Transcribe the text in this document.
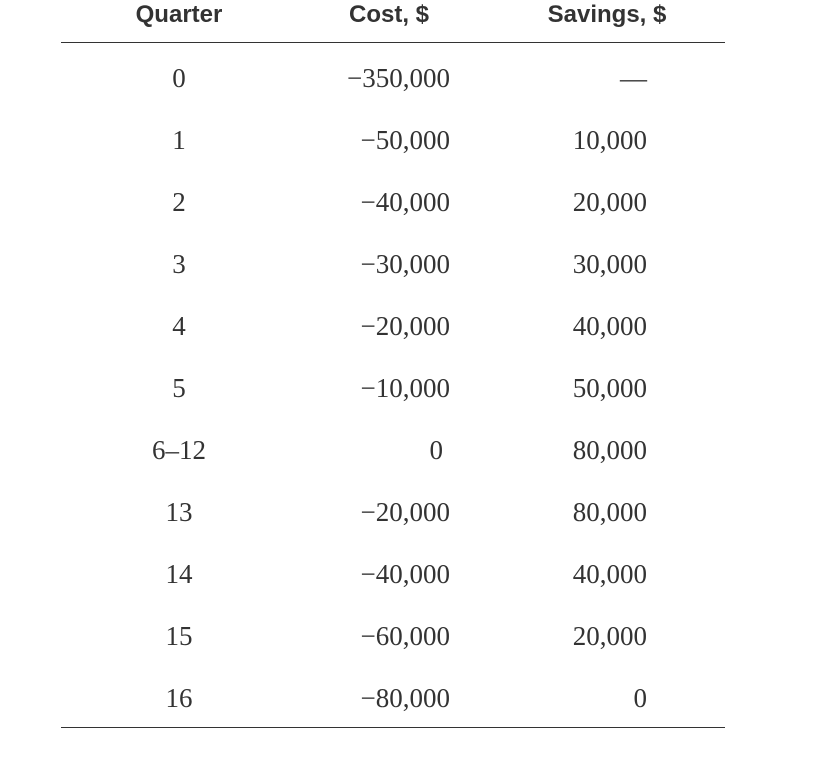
Quarter	Cost, $	Savings, $
0	−350,000	—
1	−50,000	10,000
2	−40,000	20,000
3	−30,000	30,000
4	−20,000	40,000
5	−10,000	50,000
6–12	0	80,000
13	−20,000	80,000
14	−40,000	40,000
15	−60,000	20,000
16	−80,000	0
